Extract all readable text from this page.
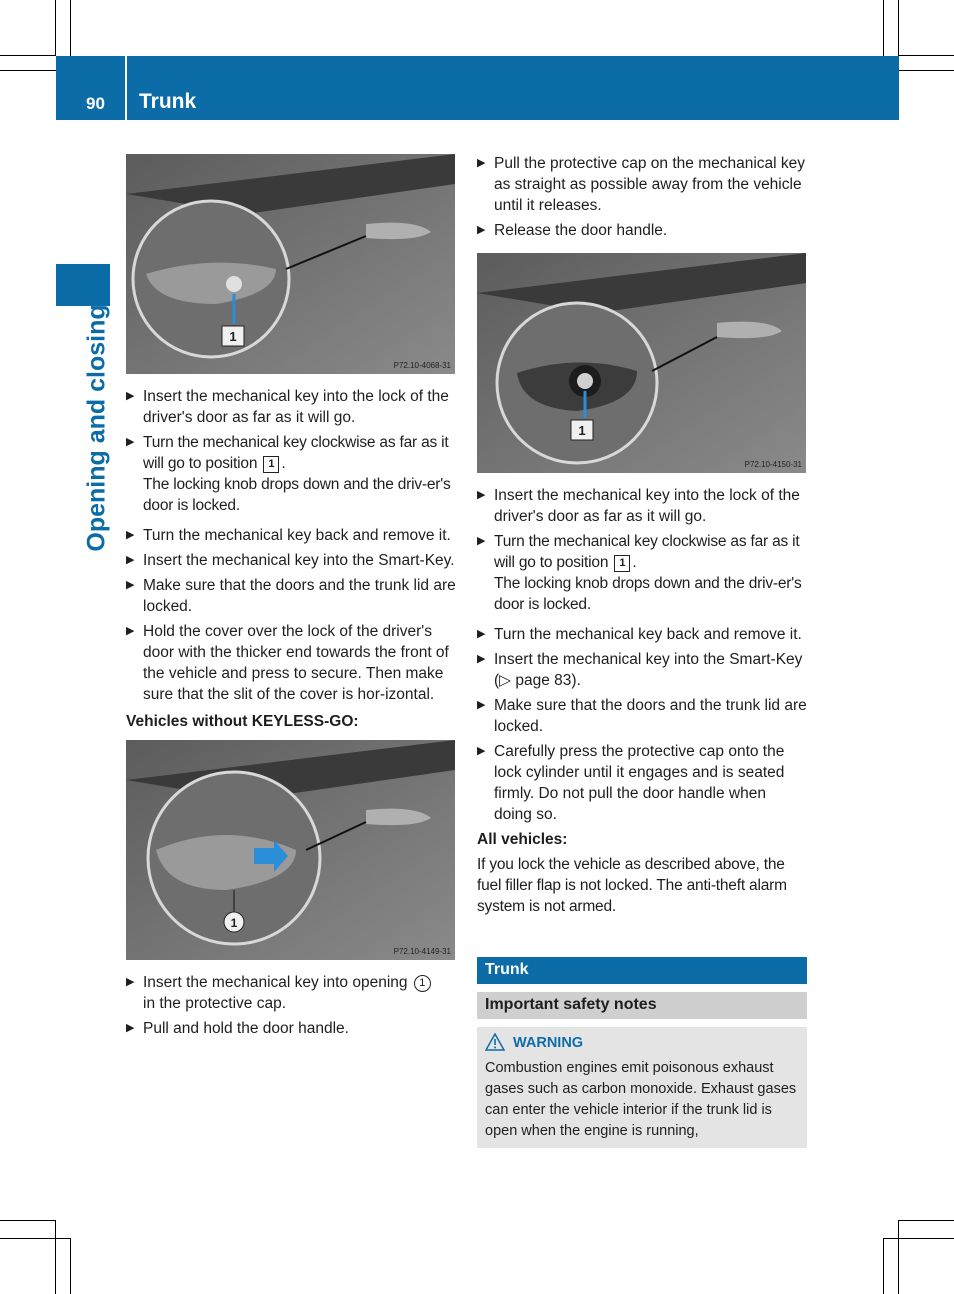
90 Trunk
Opening and closing	1
P72.10-4068-31
▶ Insert the mechanical key into the lock of the driver's door as far as it will go.
▶ Turn the mechanical key clockwise as far as it will go to position 1 .
The locking knob drops down and the driv-er's door is locked.
▶ Turn the mechanical key back and remove it.
▶ Insert the mechanical key into the Smart-Key.
▶ Make sure that the doors and the trunk lid are locked.
▶ Hold the cover over the lock of the driver's door with the thicker end towards the front of the vehicle and press to secure. Then make sure that the slit of the cover is hor-izontal.
Vehicles without KEYLESS-GO:
1
P72.10-4149-31
▶ Insert the mechanical key into opening 1
in the protective cap.
▶ Pull and hold the door handle.
▶ Pull the protective cap on the mechanical key as straight as possible away from the vehicle until it releases.
▶ Release the door handle.
1
P72.10-4150-31
▶ Insert the mechanical key into the lock of the driver's door as far as it will go.
▶ Turn the mechanical key clockwise as far as it will go to position 1 .
The locking knob drops down and the driv-er's door is locked.
▶ Turn the mechanical key back and remove it.
▶ Insert the mechanical key into the Smart-Key (▷ page 83).
▶ Make sure that the doors and the trunk lid are locked.
▶ Carefully press the protective cap onto the lock cylinder until it engages and is seated firmly. Do not pull the door handle when doing so.
All vehicles:
If you lock the vehicle as described above, the fuel filler flap is not locked. The anti-theft alarm system is not armed.
Trunk
Important safety notes
WARNING
Combustion engines emit poisonous exhaust gases such as carbon monoxide. Exhaust gases can enter the vehicle interior if the trunk lid is open when the engine is running,
